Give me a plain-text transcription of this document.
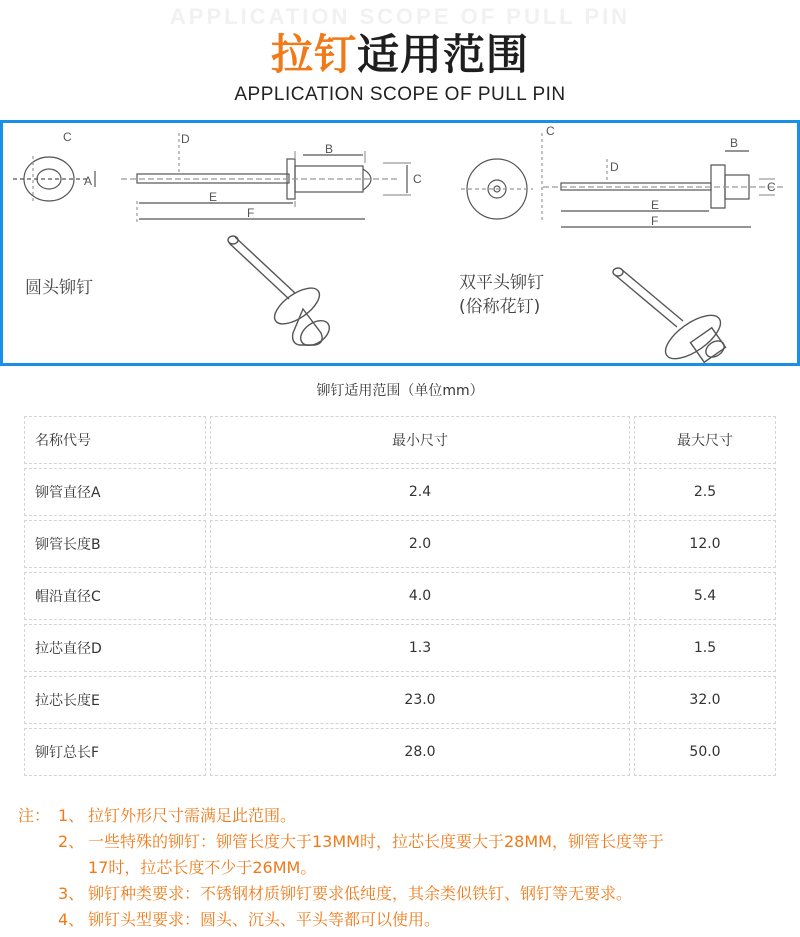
APPLICATION SCOPE OF PULL PIN
拉钉适用范围
APPLICATION SCOPE OF PULL PIN
A
D
B
E
F
C
C	C
D
B
E
F
C
圆头铆钉	双平头铆钉
(俗称花钉)
铆钉适用范围（单位mm）
名称代号	最小尺寸	最大尺寸
铆管直径A	2.4	2.5
铆管长度B	2.0	12.0
帽沿直径C	4.0	5.4
拉芯直径D	1.3	1.5
拉芯长度E	23.0	32.0
铆钉总长F	28.0	50.0
注： 1、 拉钉外形尺寸需满足此范围。
2、 一些特殊的铆钉：铆管长度大于13MM时，拉芯长度要大于28MM，铆管长度等于
17时，拉芯长度不少于26MM。
3、 铆钉种类要求：不锈钢材质铆钉要求低纯度，其余类似铁钉、钢钉等无要求。
4、 铆钉头型要求：圆头、沉头、平头等都可以使用。
